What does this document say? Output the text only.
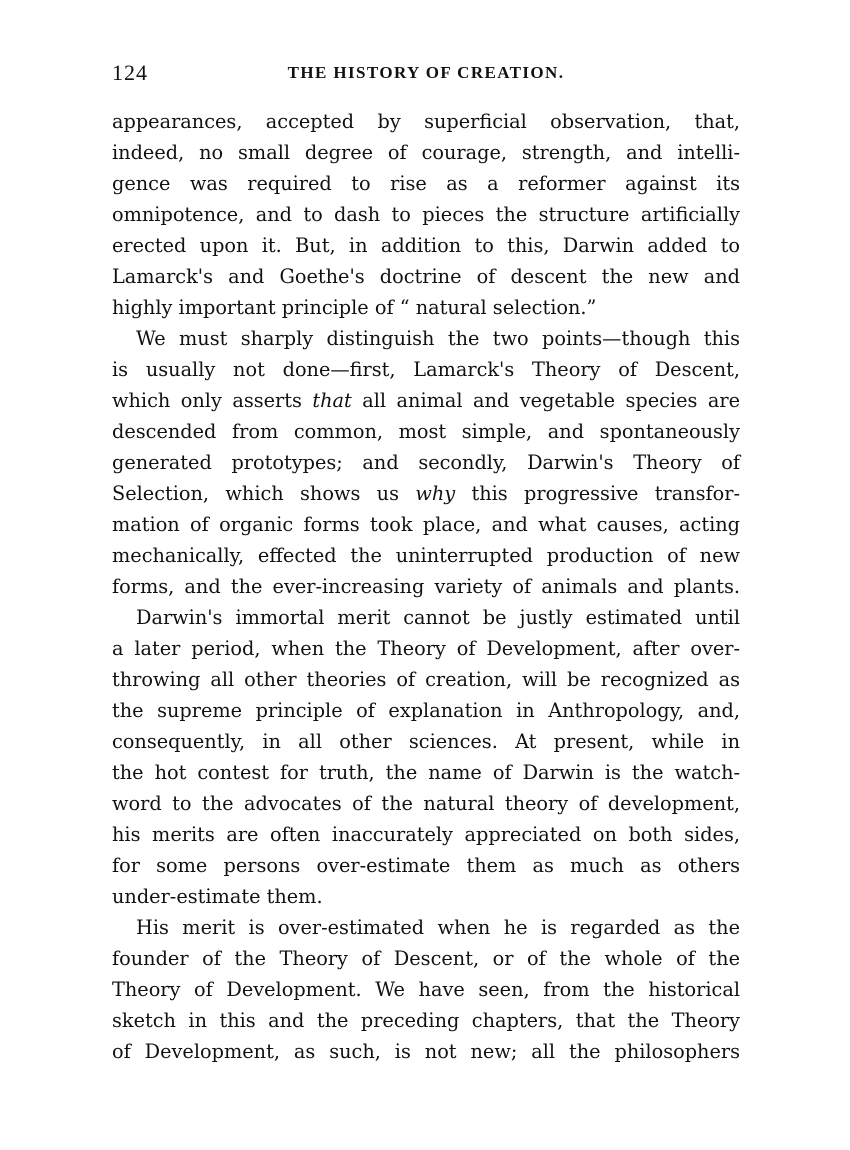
124	THE HISTORY OF CREATION.
appearances, accepted by superficial observation, that,
indeed, no small degree of courage, strength, and intelli-
gence was required to rise as a reformer against its
omnipotence, and to dash to pieces the structure artificially
erected upon it. But, in addition to this, Darwin added to
Lamarck's and Goethe's doctrine of descent the new and
highly important principle of “ natural selection.”
We must sharply distinguish the two points—though this
is usually not done—first, Lamarck's Theory of Descent,
which only asserts that all animal and vegetable species are
descended from common, most simple, and spontaneously
generated prototypes; and secondly, Darwin's Theory of
Selection, which shows us why this progressive transfor-
mation of organic forms took place, and what causes, acting
mechanically, effected the uninterrupted production of new
forms, and the ever-increasing variety of animals and plants.
Darwin's immortal merit cannot be justly estimated until
a later period, when the Theory of Development, after over-
throwing all other theories of creation, will be recognized as
the supreme principle of explanation in Anthropology, and,
consequently, in all other sciences. At present, while in
the hot contest for truth, the name of Darwin is the watch-
word to the advocates of the natural theory of development,
his merits are often inaccurately appreciated on both sides,
for some persons over-estimate them as much as others
under-estimate them.
His merit is over-estimated when he is regarded as the
founder of the Theory of Descent, or of the whole of the
Theory of Development. We have seen, from the historical
sketch in this and the preceding chapters, that the Theory
of Development, as such, is not new; all the philosophers
